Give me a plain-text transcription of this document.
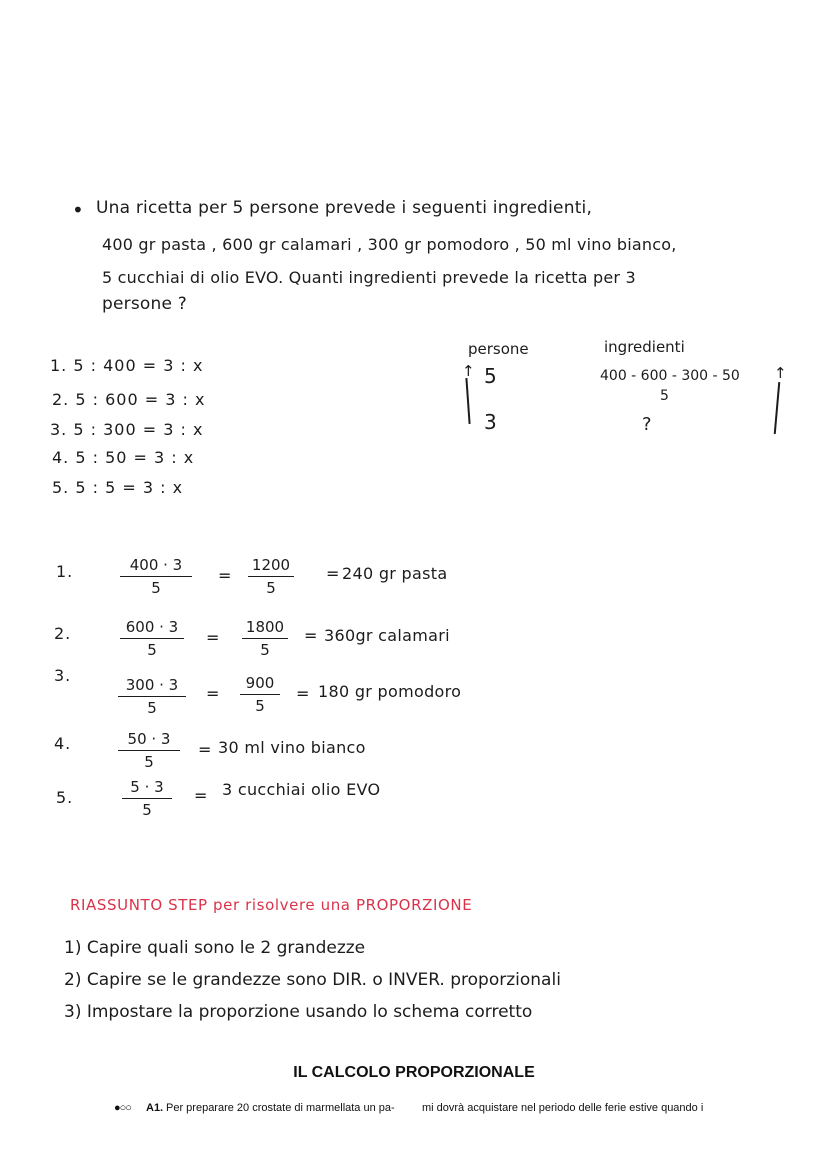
• Una ricetta per 5 persone prevede i seguenti ingredienti,
400 gr pasta , 600 gr calamari , 300 gr pomodoro , 50 ml vino bianco,
5 cucchiai di olio EVO. Quanti ingredienti prevede la ricetta per 3
persone ?
1. 5 : 400 = 3 : x
2. 5 : 600 = 3 : x
3. 5 : 300 = 3 : x
4. 5 : 50 = 3 : x
5. 5 : 5 = 3 : x
persone
↑ 5
3
ingredienti
400 - 600 - 300 - 50 ↑
5
?
1.	$\frac{400 \cdot 3}{5} = \frac{1200}{5} = 240$ gr pasta
2.	$\frac{600 \cdot 3}{5} = \frac{1800}{5} = 360gr$ calamari
3.
$\frac{300 \cdot 3}{5} = \frac{900}{5} = 180$ gr pomodoro
4.	$\frac{50 \cdot 3}{5} = 30$ ml vino bianco
5.	$\frac{5 \cdot 3}{5} = 3$ cucchiai olio EVO
RIASSUNTO STEP per risolvere una PROPORZIONE
1) Capire quali sono le 2 grandezze
2) Capire se le grandezze sono DIR. o INVER. proporzionali
3) Impostare la proporzione usando lo schema corretto
IL CALCOLO PROPORZIONALE
●○○ A1. Per preparare 20 crostate di marmellata un pa- mi dovrà acquistare nel periodo delle ferie estive quando i
